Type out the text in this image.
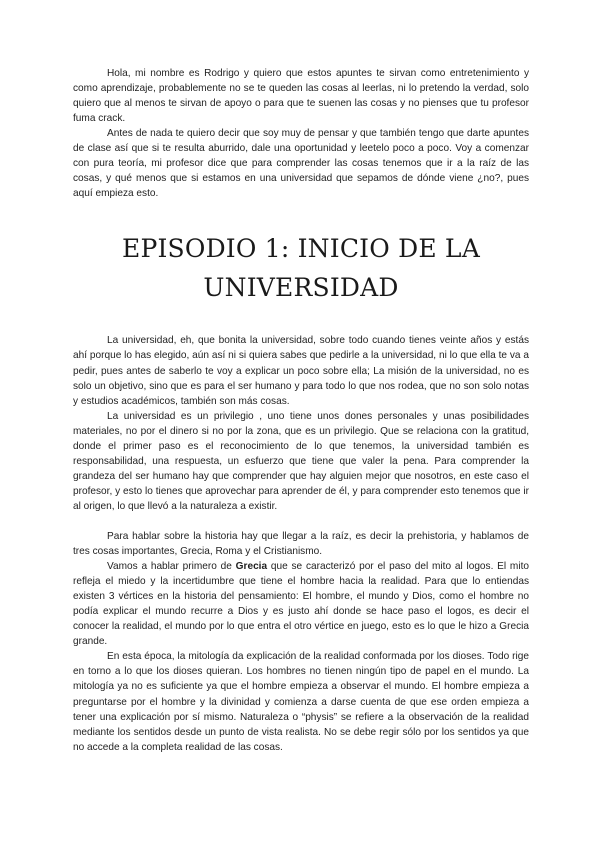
Hola, mi nombre es Rodrigo y quiero que estos apuntes te sirvan como entretenimiento y como aprendizaje, probablemente no se te queden las cosas al leerlas, ni lo pretendo la verdad, solo quiero que al menos te sirvan de apoyo o para que te suenen las cosas y no pienses que tu profesor fuma crack.

Antes de nada te quiero decir que soy muy de pensar y que también tengo que darte apuntes de clase así que si te resulta aburrido, dale una oportunidad y leetelo poco a poco. Voy a comenzar con pura teoría, mi profesor dice que para comprender las cosas tenemos que ir a la raíz de las cosas, y qué menos que si estamos en una universidad que sepamos de dónde viene ¿no?, pues aquí empieza esto.

EPISODIO 1: INICIO DE LA UNIVERSIDAD

La universidad, eh, que bonita la universidad, sobre todo cuando tienes veinte años y estás ahí porque lo has elegido, aún así ni si quiera sabes que pedirle a la universidad, ni lo que ella te va a pedir, pues antes de saberlo te voy a explicar un poco sobre ella; La misión de la universidad, no es solo un objetivo, sino que es para el ser humano y para todo lo que nos rodea, que no son solo notas y estudios académicos, también son más cosas.

La universidad es un privilegio , uno tiene unos dones personales y unas posibilidades materiales, no por el dinero si no por la zona, que es un privilegio. Que se relaciona con la gratitud, donde el primer paso es el reconocimiento de lo que tenemos, la universidad también es responsabilidad, una respuesta, un esfuerzo que tiene que valer la pena. Para comprender la grandeza del ser humano hay que comprender que hay alguien mejor que nosotros, en este caso el profesor, y esto lo tienes que aprovechar para aprender de él, y para comprender esto tenemos que ir al origen, lo que llevó a la naturaleza a existir.

Para hablar sobre la historia hay que llegar a la raíz, es decir la prehistoria, y hablamos de tres cosas importantes, Grecia, Roma y el Cristianismo.

Vamos a hablar primero de Grecia que se caracterizó por el paso del mito al logos. El mito refleja el miedo y la incertidumbre que tiene el hombre hacia la realidad. Para que lo entiendas existen 3 vértices en la historia del pensamiento: El hombre, el mundo y Dios, como el hombre no podía explicar el mundo recurre a Dios y es justo ahí donde se hace paso el logos, es decir el conocer la realidad, el mundo por lo que entra el otro vértice en juego, esto es lo que le hizo a Grecia grande.

En esta época, la mitología da explicación de la realidad conformada por los dioses. Todo rige en torno a lo que los dioses quieran. Los hombres no tienen ningún tipo de papel en el mundo. La mitología ya no es suficiente ya que el hombre empieza a observar el mundo. El hombre empieza a preguntarse por el hombre y la divinidad y comienza a darse cuenta de que ese orden empieza a tener una explicación por sí mismo. Naturaleza o “physis” se refiere a la observación de la realidad mediante los sentidos desde un punto de vista realista. No se debe regir sólo por los sentidos ya que no accede a la completa realidad de las cosas.
